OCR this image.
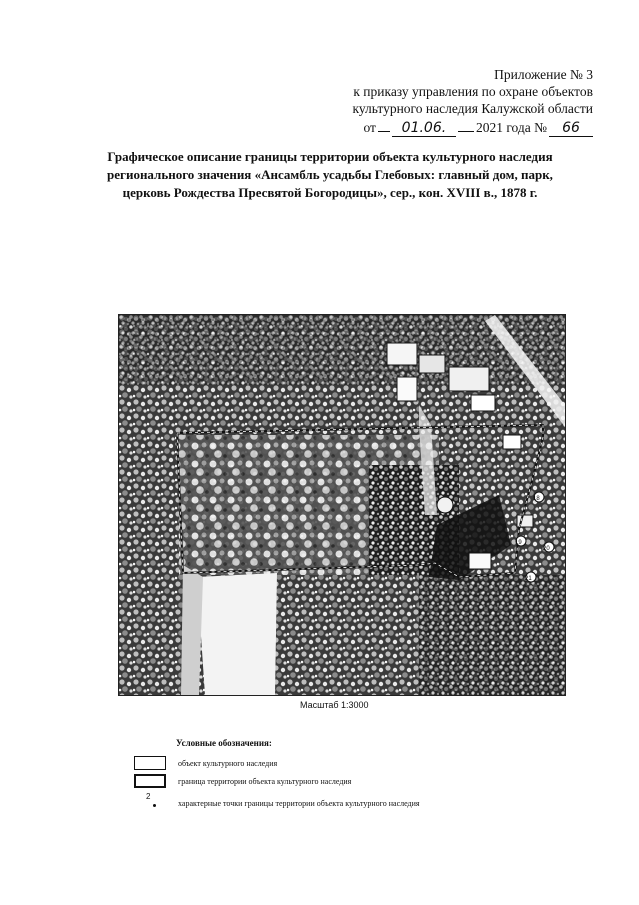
Приложение № 3
к приказу управления по охране объектов
культурного наследия Калужской области
от	01.06.	2021 года №	66
Графическое описание границы территории объекта культурного наследия
регионального значения «Ансамбль усадьбы Глебовых: главный дом, парк,
церковь Рождества Пресвятой Богородицы», сер., кон. XVIII в., 1878 г.
18
19
20
21
Масштаб 1:3000
Условные обозначения:
объект культурного наследия
граница территории объекта культурного наследия
2
характерные точки границы территории объекта культурного наследия
